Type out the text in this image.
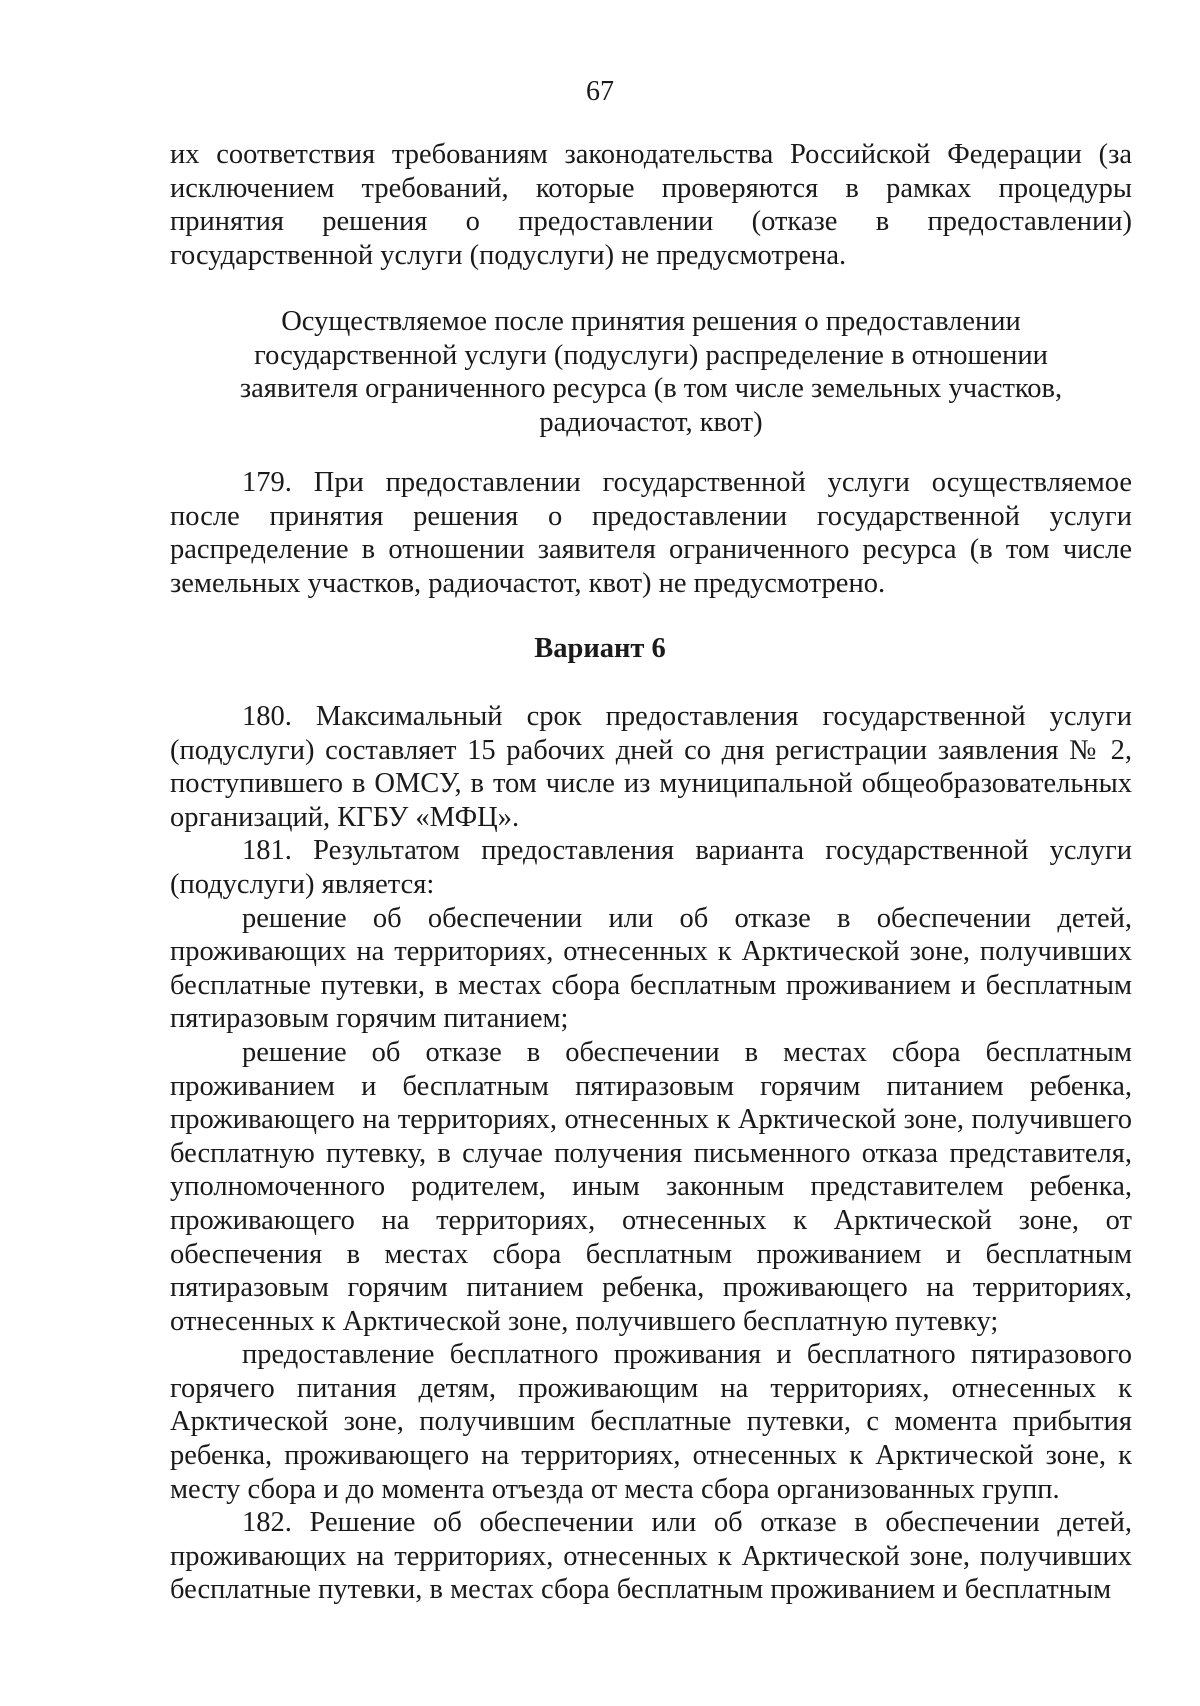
67

их соответствия требованиям законодательства Российской Федерации (за исключением требований, которые проверяются в рамках процедуры принятия решения о предоставлении (отказе в предоставлении) государственной услуги (подуслуги) не предусмотрена.

Осуществляемое после принятия решения о предоставлении
государственной услуги (подуслуги) распределение в отношении
заявителя ограниченного ресурса (в том числе земельных участков,
радиочастот, квот)

179. При предоставлении государственной услуги осуществляемое после принятия решения о предоставлении государственной услуги распределение в отношении заявителя ограниченного ресурса (в том числе земельных участков, радиочастот, квот) не предусмотрено.

Вариант 6

180. Максимальный срок предоставления государственной услуги (подуслуги) составляет 15 рабочих дней со дня регистрации заявления № 2, поступившего в ОМСУ, в том числе из муниципальной общеобразовательных организаций, КГБУ «МФЦ».

181. Результатом предоставления варианта государственной услуги (подуслуги) является:

решение об обеспечении или об отказе в обеспечении детей, проживающих на территориях, отнесенных к Арктической зоне, получивших бесплатные путевки, в местах сбора бесплатным проживанием и бесплатным пятиразовым горячим питанием;

решение об отказе в обеспечении в местах сбора бесплатным проживанием и бесплатным пятиразовым горячим питанием ребенка, проживающего на территориях, отнесенных к Арктической зоне, получившего бесплатную путевку, в случае получения письменного отказа представителя, уполномоченного родителем, иным законным представителем ребенка, проживающего на территориях, отнесенных к Арктической зоне, от обеспечения в местах сбора бесплатным проживанием и бесплатным пятиразовым горячим питанием ребенка, проживающего на территориях, отнесенных к Арктической зоне, получившего бесплатную путевку;

предоставление бесплатного проживания и бесплатного пятиразового горячего питания детям, проживающим на территориях, отнесенных к Арктической зоне, получившим бесплатные путевки, с момента прибытия ребенка, проживающего на территориях, отнесенных к Арктической зоне, к месту сбора и до момента отъезда от места сбора организованных групп.

182. Решение об обеспечении или об отказе в обеспечении детей, проживающих на территориях, отнесенных к Арктической зоне, получивших бесплатные путевки, в местах сбора бесплатным проживанием и бесплатным
